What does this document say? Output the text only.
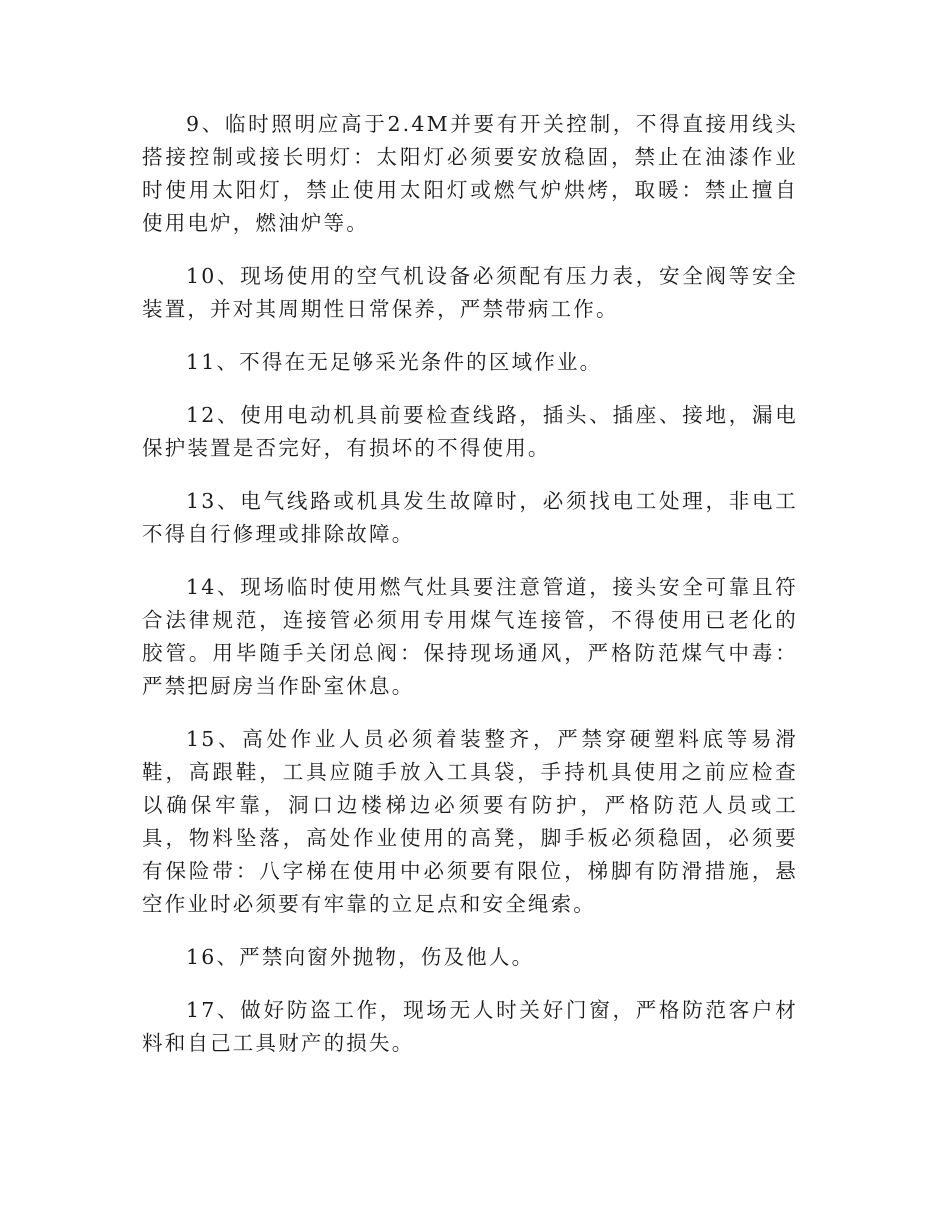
9、临时照明应高于2.4M并要有开关控制，不得直接用线头搭接控制或接长明灯：太阳灯必须要安放稳固，禁止在油漆作业时使用太阳灯，禁止使用太阳灯或燃气炉烘烤，取暖：禁止擅自使用电炉，燃油炉等。

10、现场使用的空气机设备必须配有压力表，安全阀等安全装置，并对其周期性日常保养，严禁带病工作。

11、不得在无足够采光条件的区域作业。

12、使用电动机具前要检查线路，插头、插座、接地，漏电保护装置是否完好，有损坏的不得使用。

13、电气线路或机具发生故障时，必须找电工处理，非电工不得自行修理或排除故障。

14、现场临时使用燃气灶具要注意管道，接头安全可靠且符合法律规范，连接管必须用专用煤气连接管，不得使用已老化的胶管。用毕随手关闭总阀：保持现场通风，严格防范煤气中毒：严禁把厨房当作卧室休息。

15、高处作业人员必须着装整齐，严禁穿硬塑料底等易滑鞋，高跟鞋，工具应随手放入工具袋，手持机具使用之前应检查以确保牢靠，洞口边楼梯边必须要有防护，严格防范人员或工具，物料坠落，高处作业使用的高凳，脚手板必须稳固，必须要有保险带：八字梯在使用中必须要有限位，梯脚有防滑措施，悬空作业时必须要有牢靠的立足点和安全绳索。

16、严禁向窗外抛物，伤及他人。

17、做好防盗工作，现场无人时关好门窗，严格防范客户材料和自己工具财产的损失。
